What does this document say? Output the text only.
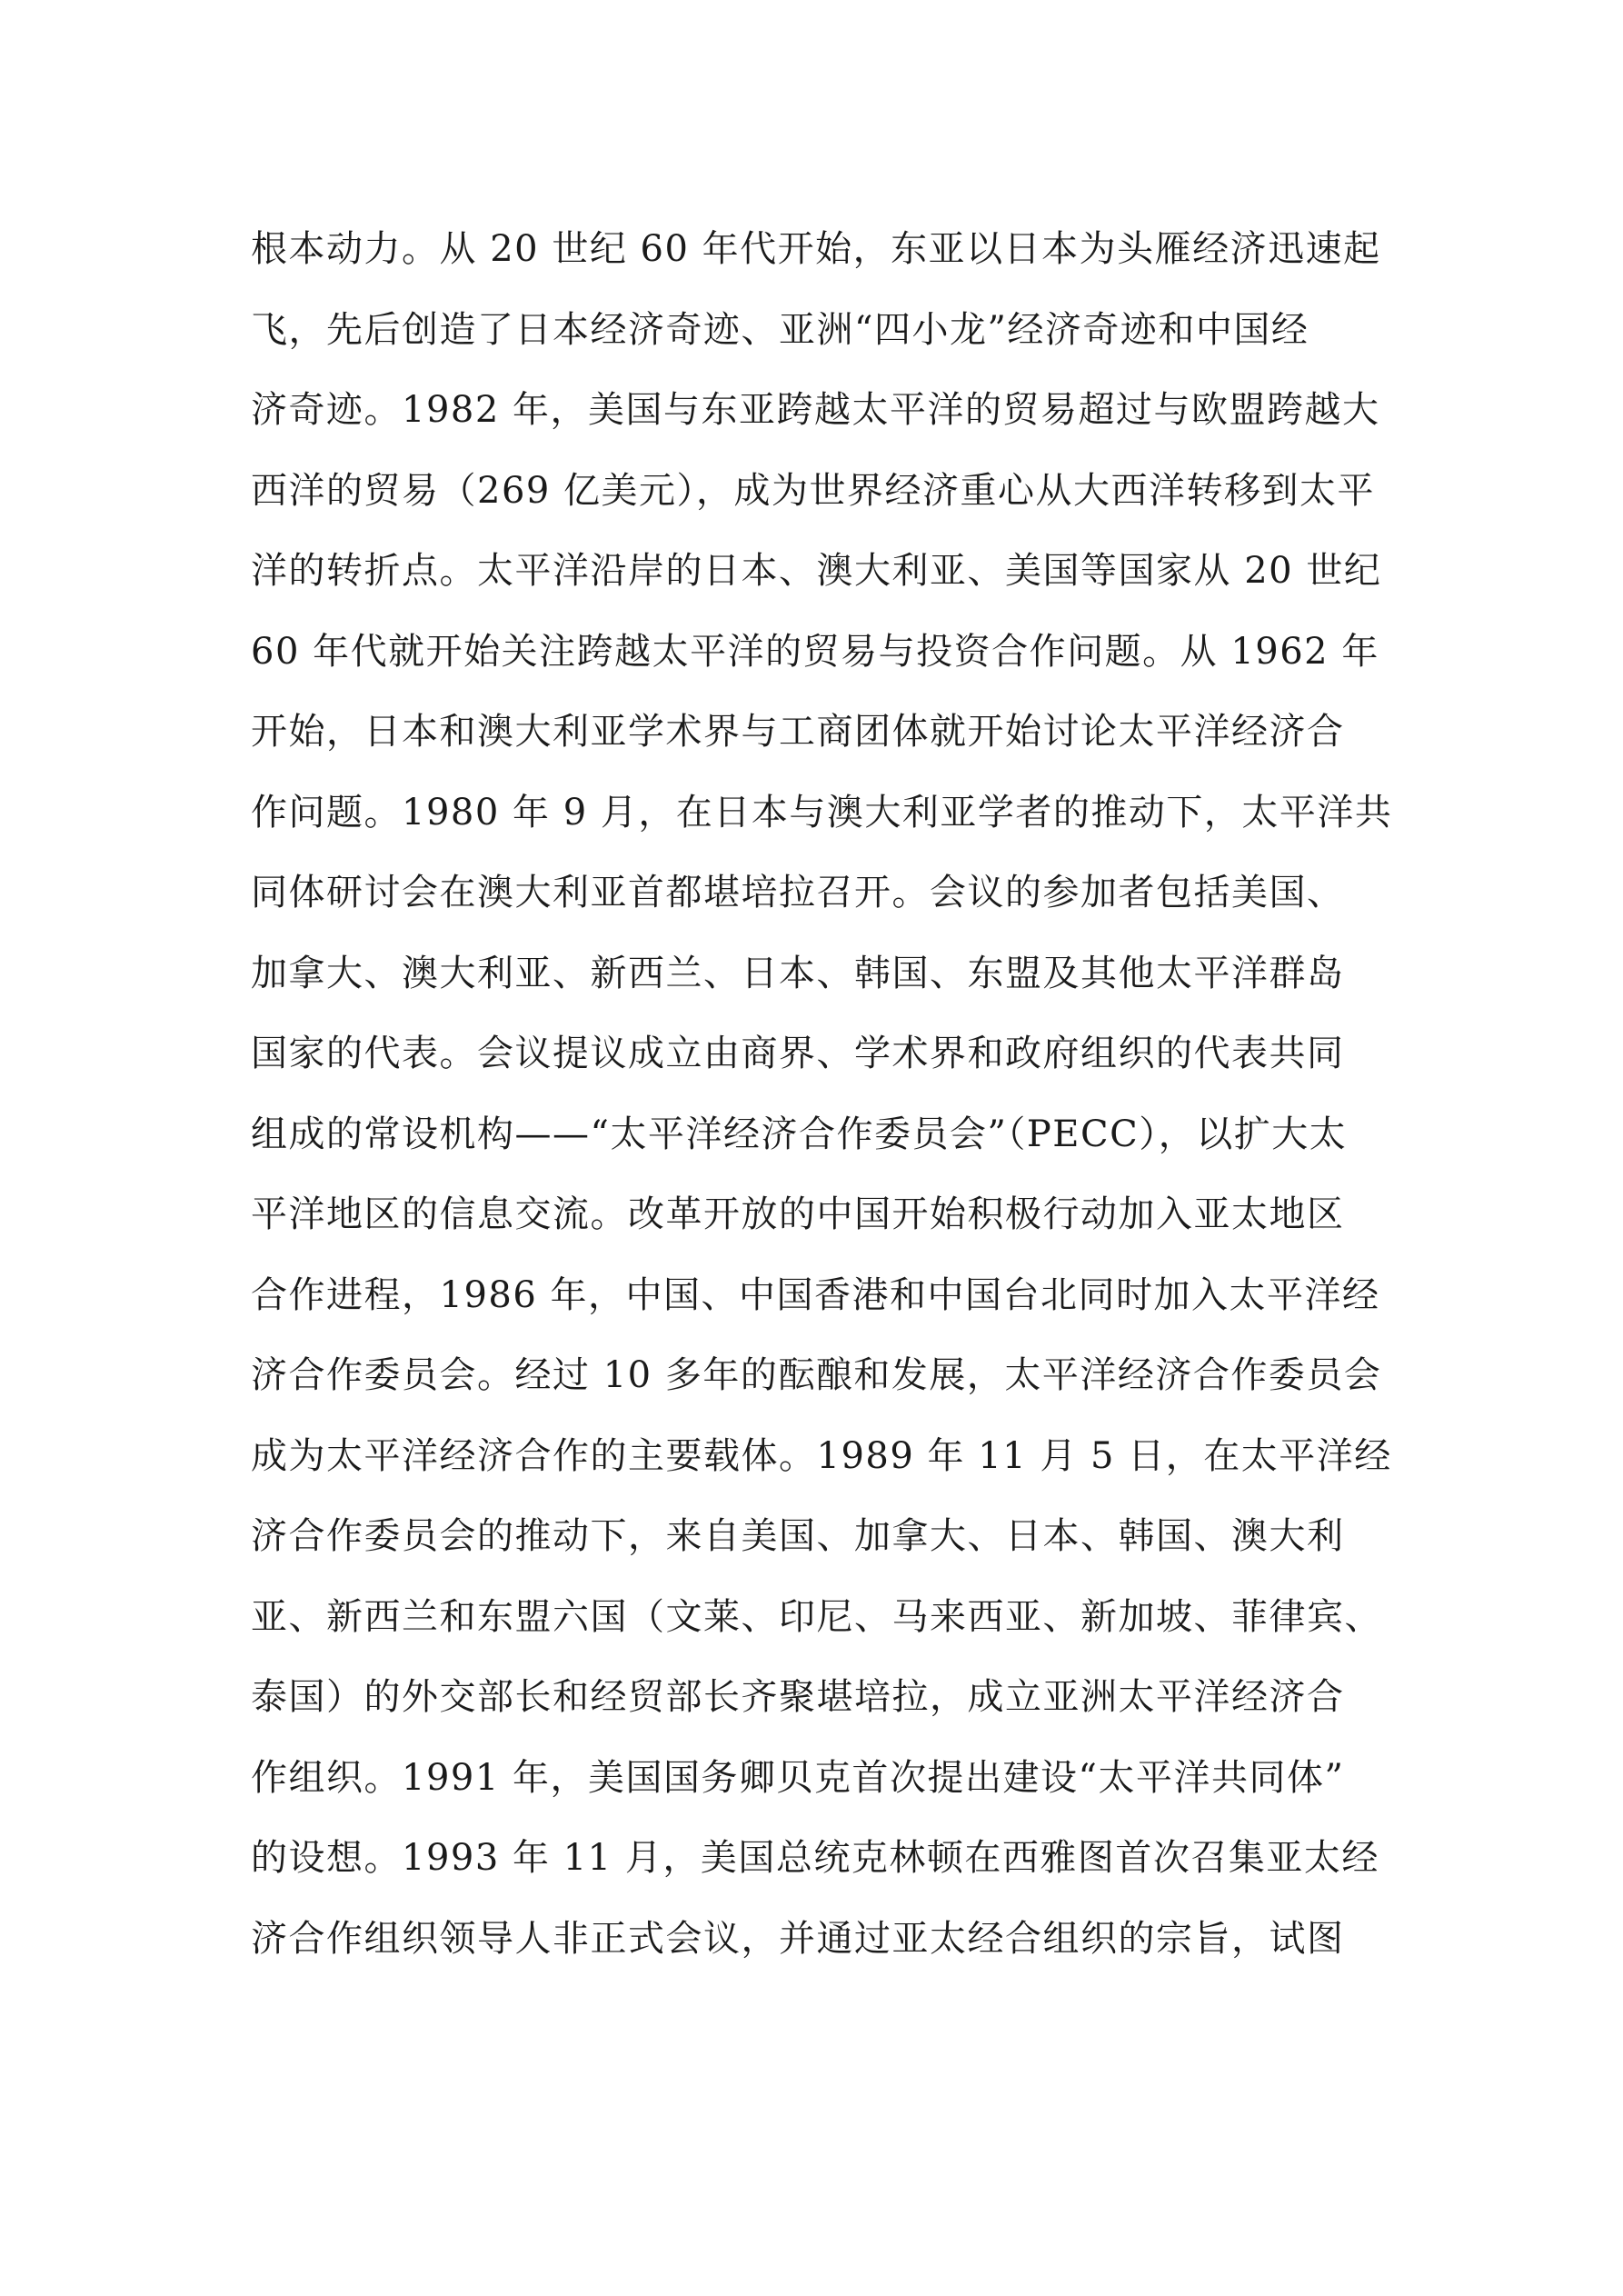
根本动力。从 20 世纪 60 年代开始，东亚以日本为头雁经济迅速起
飞，先后创造了日本经济奇迹、亚洲“四小龙”经济奇迹和中国经
济奇迹。1982 年，美国与东亚跨越太平洋的贸易超过与欧盟跨越大
西洋的贸易（269 亿美元），成为世界经济重心从大西洋转移到太平
洋的转折点。太平洋沿岸的日本、澳大利亚、美国等国家从 20 世纪
60 年代就开始关注跨越太平洋的贸易与投资合作问题。从 1962 年
开始，日本和澳大利亚学术界与工商团体就开始讨论太平洋经济合
作问题。1980 年 9 月，在日本与澳大利亚学者的推动下，太平洋共
同体研讨会在澳大利亚首都堪培拉召开。会议的参加者包括美国、
加拿大、澳大利亚、新西兰、日本、韩国、东盟及其他太平洋群岛
国家的代表。会议提议成立由商界、学术界和政府组织的代表共同
组成的常设机构——“太平洋经济合作委员会”（PECC），以扩大太
平洋地区的信息交流。改革开放的中国开始积极行动加入亚太地区
合作进程，1986 年，中国、中国香港和中国台北同时加入太平洋经
济合作委员会。经过 10 多年的酝酿和发展，太平洋经济合作委员会
成为太平洋经济合作的主要载体。1989 年 11 月 5 日，在太平洋经
济合作委员会的推动下，来自美国、加拿大、日本、韩国、澳大利
亚、新西兰和东盟六国（文莱、印尼、马来西亚、新加坡、菲律宾、
泰国）的外交部长和经贸部长齐聚堪培拉，成立亚洲太平洋经济合
作组织。1991 年，美国国务卿贝克首次提出建设“太平洋共同体”
的设想。1993 年 11 月，美国总统克林顿在西雅图首次召集亚太经
济合作组织领导人非正式会议，并通过亚太经合组织的宗旨，试图
